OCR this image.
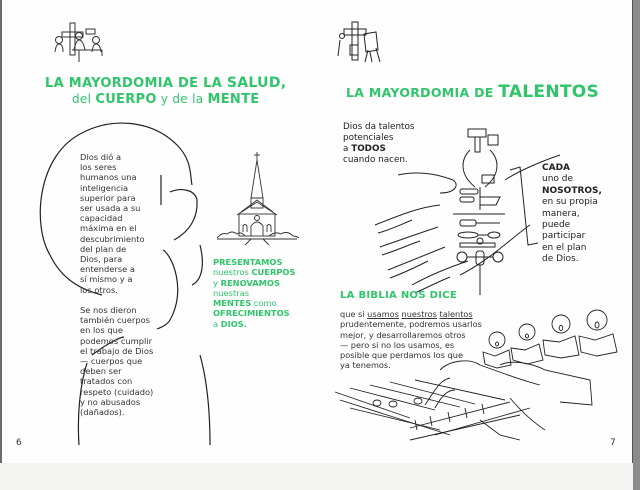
LA MAYORDOMIA DE LA SALUD,
del CUERPO y de la MENTE
Dios dió a
los seres
humanos una
inteligencia
superior para
ser usada a su
capacidad
máxima en el
descubrimiento
del plan de
Dios, para
entenderse a
sí mismo y a
los otros.
Se nos dieron
también cuerpos
en los que
podemos cumplir
el trabajo de Dios
— cuerpos que
deben ser
tratados con
respeto (cuidado)
y no abusados
(dañados).
PRESENTAMOS
nuestros CUERPOS
y RENOVAMOS
nuestras
MENTES como
OFRECIMIENTOS
a DIOS.
6
LA MAYORDOMIA DE TALENTOS
Dios da talentos
potenciales
a TODOS
cuando nacen.
CADA
uno de
NOSOTROS,
en su propia
manera,
puede
participar
en el plan
de Dios.
LA BIBLIA NOS DICE
que si usamos nuestros talentos
prudentemente, podremos usarlos
mejor, y desarrollaremos otros
— pero si no los usamos, es
posible que perdamos los que
ya tenemos.
7
